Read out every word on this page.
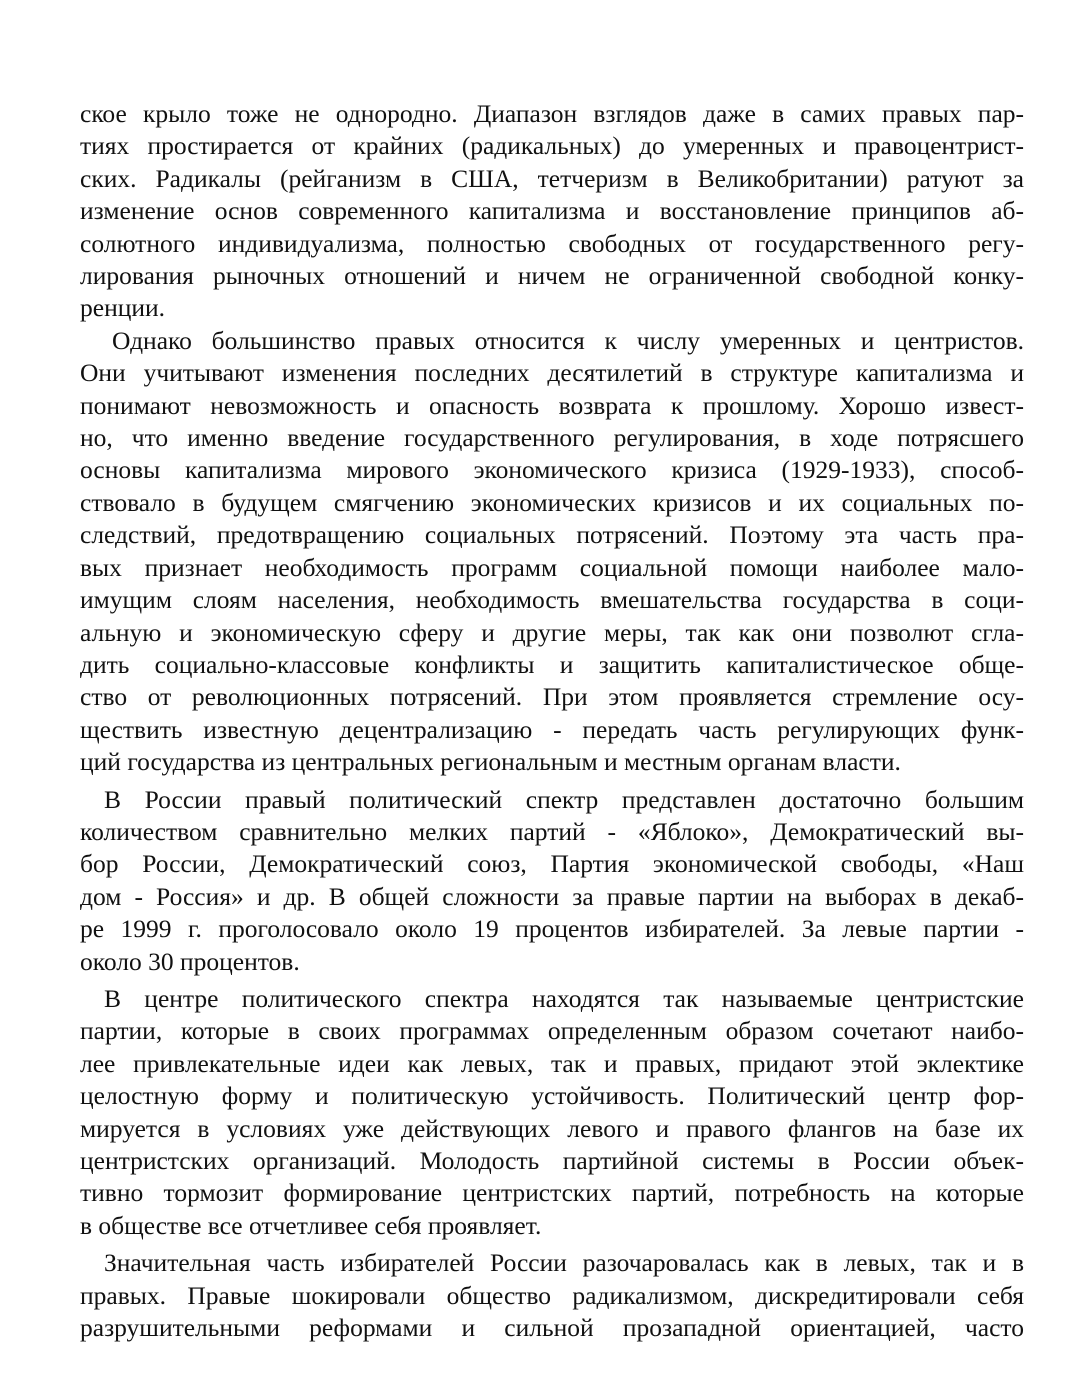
ское крыло тоже не однородно. Диапазон взглядов даже в самих правых пар-
тиях простирается от крайних (радикальных) до умеренных и правоцентрист-
ских. Радикалы (рейганизм в США, тетчеризм в Великобритании) ратуют за
изменение основ современного капитализма и восстановление принципов аб-
солютного индивидуализма, полностью свободных от государственного регу-
лирования рыночных отношений и ничем не ограниченной свободной конку-
ренции.
Однако большинство правых относится к числу умеренных и центристов.
Они учитывают изменения последних десятилетий в структуре капитализма и
понимают невозможность и опасность возврата к прошлому. Хорошо извест-
но, что именно введение государственного регулирования, в ходе потрясшего
основы капитализма мирового экономического кризиса (1929-1933), способ-
ствовало в будущем смягчению экономических кризисов и их социальных по-
следствий, предотвращению социальных потрясений. Поэтому эта часть пра-
вых признает необходимость программ социальной помощи наиболее мало-
имущим слоям населения, необходимость вмешательства государства в соци-
альную и экономическую сферу и другие меры, так как они позволют сгла-
дить социально-классовые конфликты и защитить капиталистическое обще-
ство от революционных потрясений. При этом проявляется стремление осу-
ществить известную децентрализацию - передать часть регулирующих функ-
ций государства из центральных региональным и местным органам власти.
В России правый политический спектр представлен достаточно большим
количеством сравнительно мелких партий - «Яблоко», Демократический вы-
бор России, Демократический союз, Партия экономической свободы, «Наш
дом - Россия» и др. В общей сложности за правые партии на выборах в декаб-
ре 1999 г. проголосовало около 19 процентов избирателей. За левые партии -
около 30 процентов.
В центре политического спектра находятся так называемые центристские
партии, которые в своих программах определенным образом сочетают наибо-
лее привлекательные идеи как левых, так и правых, придают этой эклектике
целостную форму и политическую устойчивость. Политический центр фор-
мируется в условиях уже действующих левого и правого флангов на базе их
центристских организаций. Молодость партийной системы в России объек-
тивно тормозит формирование центристских партий, потребность на которые
в обществе все отчетливее себя проявляет.
Значительная часть избирателей России разочаровалась как в левых, так и в
правых. Правые шокировали общество радикализмом, дискредитировали себя
разрушительными реформами и сильной прозападной ориентацией, часто
